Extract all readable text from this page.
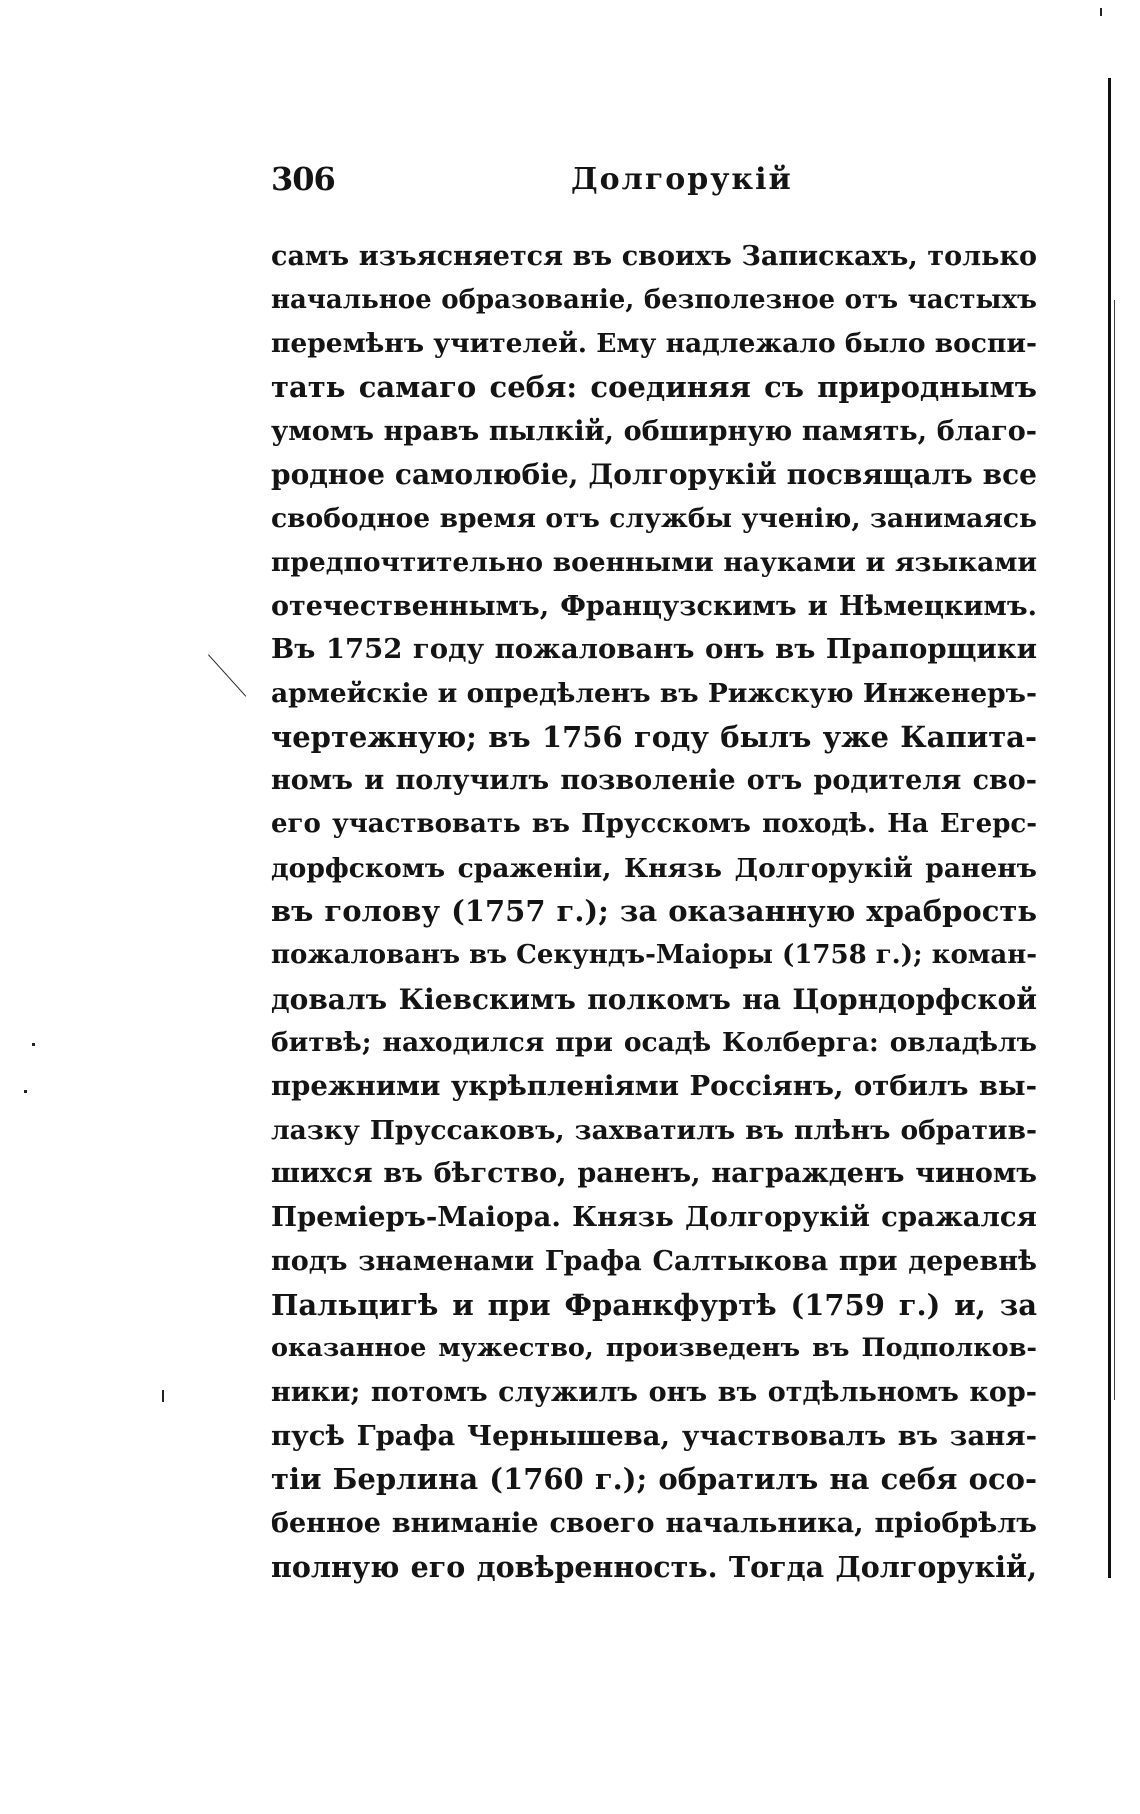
306	Долгорукій
самъ изъясняется въ своихъ Запискахъ, только
начальное образованіе, безполезное отъ частыхъ
перемѣнъ учителей. Ему надлежало было воспи-
тать самаго себя: соединяя съ природнымъ
умомъ нравъ пылкій, обширную память, благо-
родное самолюбіе, Долгорукій посвящалъ все
свободное время отъ службы ученію, занимаясь
предпочтительно военными науками и языками
отечественнымъ, Французскимъ и Нѣмецкимъ.
Въ 1752 году пожалованъ онъ въ Прапорщики
армейскіе и опредѣленъ въ Рижскую Инженеръ-
чертежную; въ 1756 году былъ уже Капита-
номъ и получилъ позволеніе отъ родителя сво-
его участвовать въ Прусскомъ походѣ. На Егерс-
дорфскомъ сраженіи, Князь Долгорукій раненъ
въ голову (1757 г.); за оказанную храбрость
пожалованъ въ Секундъ-Маіоры (1758 г.); коман-
довалъ Кіевскимъ полкомъ на Цорндорфской
битвѣ; находился при осадѣ Колберга: овладѣлъ
прежними укрѣпленіями Россіянъ, отбилъ вы-
лазку Пруссаковъ, захватилъ въ плѣнъ обратив-
шихся въ бѣгство, раненъ, награжденъ чиномъ
Преміеръ-Маіора. Князь Долгорукій сражался
подъ знаменами Графа Салтыкова при деревнѣ
Пальцигѣ и при Франкфуртѣ (1759 г.) и, за
оказанное мужество, произведенъ въ Подполков-
ники; потомъ служилъ онъ въ отдѣльномъ кор-
пусѣ Графа Чернышева, участвовалъ въ заня-
тіи Берлина (1760 г.); обратилъ на себя осо-
бенное вниманіе своего начальника, пріобрѣлъ
полную его довѣренность. Тогда Долгорукій,
